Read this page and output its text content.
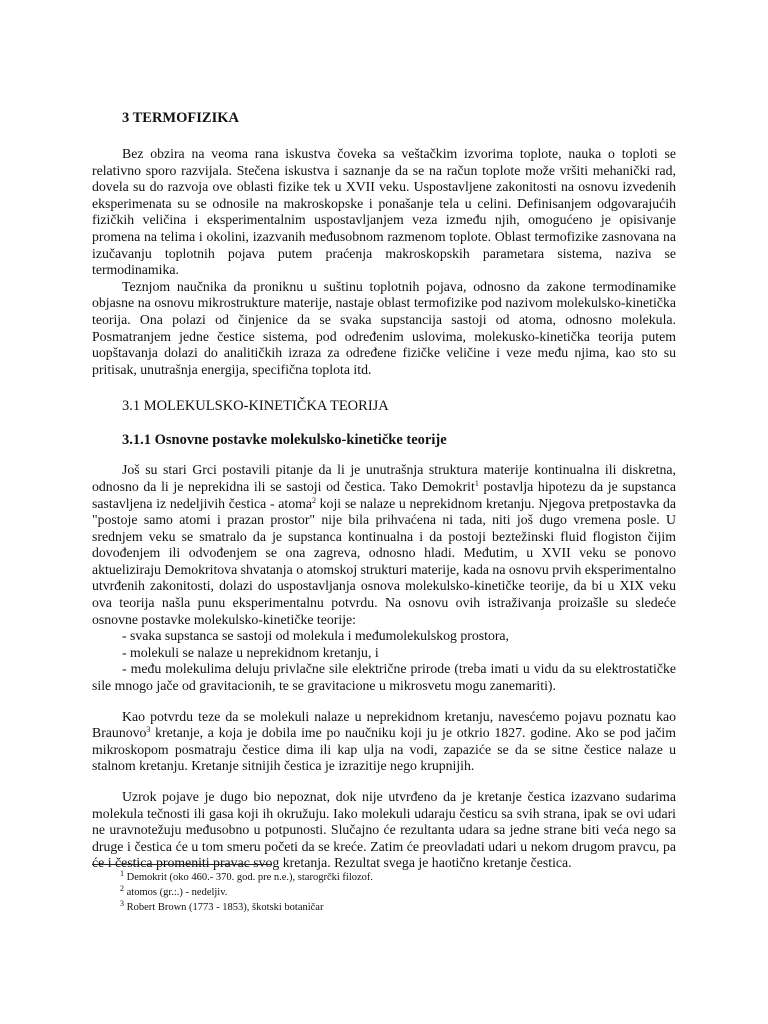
3 TERMOFIZIKA

Bez obzira na veoma rana iskustva čoveka sa veštačkim izvorima toplote, nauka o toploti se relativno sporo razvijala. Stečena iskustva i saznanje da se na račun toplote može vršiti mehanički rad, dovela su do razvoja ove oblasti fizike tek u XVII veku. Uspostavljene zakonitosti na osnovu izvedenih eksperimenata su se odnosile na makroskopske i ponašanje tela u celini. Definisanjem odgovarajućih fizičkih veličina i eksperimentalnim uspostavljanjem veza između njih, omogućeno je opisivanje promena na telima i okolini, izazvanih međusobnom razmenom toplote. Oblast termofizike zasnovana na izučavanju toplotnih pojava putem praćenja makroskopskih parametara sistema, naziva se termodinamika.

Teznjom naučnika da proniknu u suštinu toplotnih pojava, odnosno da zakone termodinamike objasne na osnovu mikrostrukture materije, nastaje oblast termofizike pod nazivom molekulsko-kinetička teorija. Ona polazi od činjenice da se svaka supstancija sastoji od atoma, odnosno molekula. Posmatranjem jedne čestice sistema, pod određenim uslovima, molekusko-kinetička teorija putem uopštavanja dolazi do analitičkih izraza za određene fizičke veličine i veze među njima, kao sto su pritisak, unutrašnja energija, specifična toplota itd.

3.1 MOLEKULSKO-KINETIČKA TEORIJA
3.1.1 Osnovne postavke molekulsko-kinetičke teorije

Još su stari Grci postavili pitanje da li je unutrašnja struktura materije kontinualna ili diskretna, odnosno da li je neprekidna ili se sastoji od čestica. Tako Demokrit$^1$ postavlja hipotezu da je supstanca sastavljena iz nedeljivih čestica - atoma$^2$ koji se nalaze u neprekidnom kretanju. Njegova pretpostavka da "postoje samo atomi i prazan prostor" nije bila prihvaćena ni tada, niti još dugo vremena posle. U srednjem veku se smatralo da je supstanca kontinualna i da postoji beztežinski fluid flogiston čijim dovođenjem ili odvođenjem se ona zagreva, odnosno hladi. Međutim, u XVII veku se ponovo aktueliziraju Demokritova shvatanja o atomskoj strukturi materije, kada na osnovu prvih eksperimentalno utvrđenih zakonitosti, dolazi do uspostavljanja osnova molekulsko-kinetičke teorije, da bi u XIX veku ova teorija našla punu eksperimentalnu potvrdu. Na osnovu ovih istraživanja proizašle su sledeće osnovne postavke molekulsko-kinetičke teorije:

- svaka supstanca se sastoji od molekula i međumolekulskog prostora,
- molekuli se nalaze u neprekidnom kretanju, i
- među molekulima deluju privlačne sile električne prirode (treba imati u vidu da su elektrostatičke sile mnogo jače od gravitacionih, te se gravitacione u mikrosvetu mogu zanemariti).

Kao potvrdu teze da se molekuli nalaze u neprekidnom kretanju, navesćemo pojavu poznatu kao Braunovo$^3$ kretanje, a koja je dobila ime po naučniku koji ju je otkrio 1827. godine. Ako se pod jačim mikroskopom posmatraju čestice dima ili kap ulja na vodi, zapaziće se da se sitne čestice nalaze u stalnom kretanju. Kretanje sitnijih čestica je izrazitije nego krupnijih.

Uzrok pojave je dugo bio nepoznat, dok nije utvrđeno da je kretanje čestica izazvano sudarima molekula tečnosti ili gasa koji ih okružuju. Iako molekuli udaraju česticu sa svih strana, ipak se ovi udari ne uravnotežuju međusobno u potpunosti. Slučajno će rezultanta udara sa jedne strane biti veća nego sa druge i čestica će u tom smeru početi da se kreće. Zatim će preovladati udari u nekom drugom pravcu, pa će i čestica promeniti pravac svog kretanja. Rezultat svega je haotično kretanje čestica.

$^1$ Demokrit (oko 460.- 370. god. pre n.e.), starogrčki filozof.
$^2$ atomos (gr.:.) - nedeljiv.
$^3$ Robert Brown (1773 - 1853), škotski botaničar
